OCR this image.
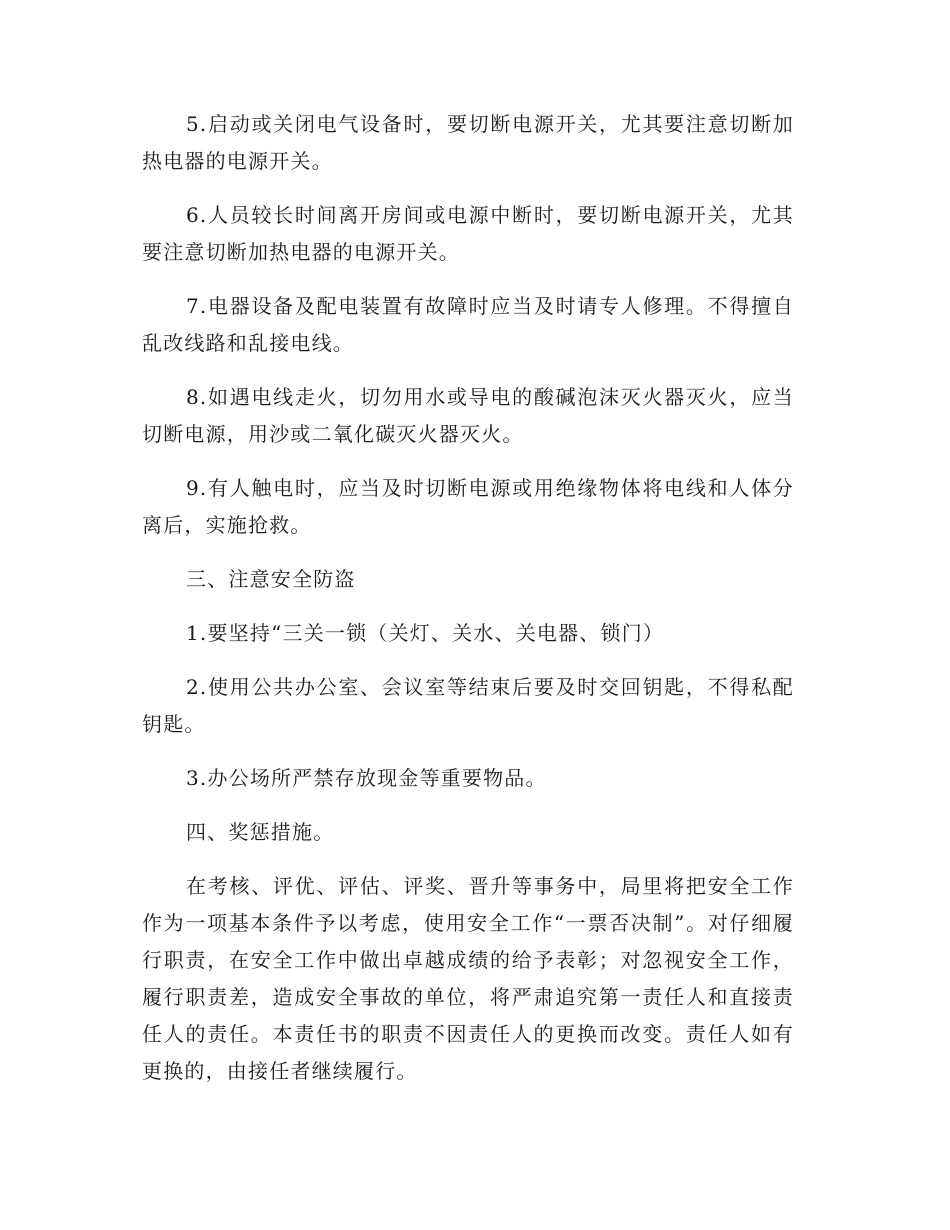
5.启动或关闭电气设备时，要切断电源开关，尤其要注意切断加热电器的电源开关。

6.人员较长时间离开房间或电源中断时，要切断电源开关，尤其要注意切断加热电器的电源开关。

7.电器设备及配电装置有故障时应当及时请专人修理。不得擅自乱改线路和乱接电线。

8.如遇电线走火，切勿用水或导电的酸碱泡沫灭火器灭火，应当切断电源，用沙或二氧化碳灭火器灭火。

9.有人触电时，应当及时切断电源或用绝缘物体将电线和人体分离后，实施抢救。

三、注意安全防盗

1.要坚持“三关一锁（关灯、关水、关电器、锁门）

2.使用公共办公室、会议室等结束后要及时交回钥匙，不得私配钥匙。

3.办公场所严禁存放现金等重要物品。

四、奖惩措施。

在考核、评优、评估、评奖、晋升等事务中，局里将把安全工作作为一项基本条件予以考虑，使用安全工作“一票否决制”。对仔细履行职责，在安全工作中做出卓越成绩的给予表彰；对忽视安全工作，履行职责差，造成安全事故的单位，将严肃追究第一责任人和直接责任人的责任。本责任书的职责不因责任人的更换而改变。责任人如有更换的，由接任者继续履行。
